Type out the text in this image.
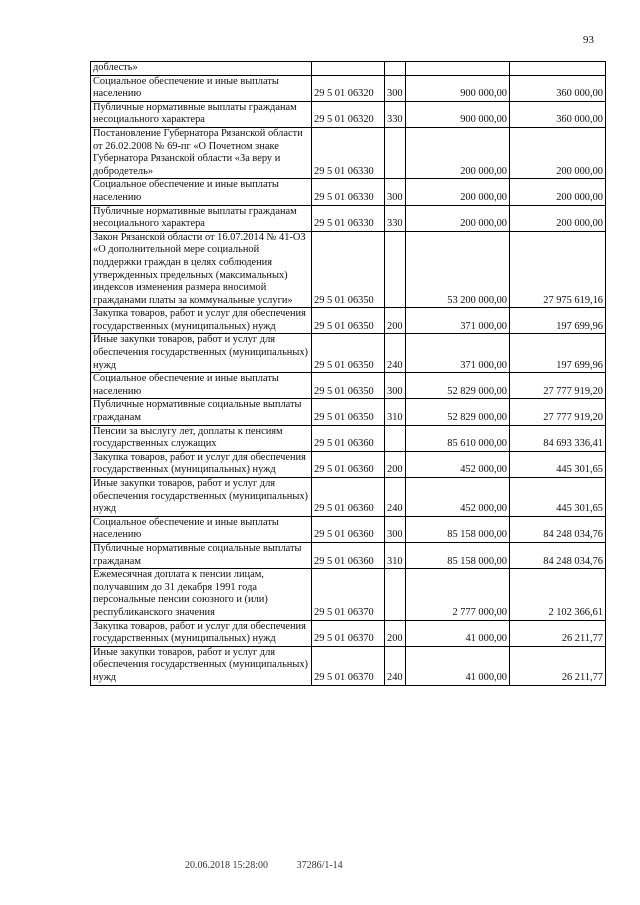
93
доблесть»				
Социальное обеспечение и иные выплаты населению	29 5 01 06320	300	900 000,00	360 000,00
Публичные нормативные выплаты гражданам несоциального характера	29 5 01 06320	330	900 000,00	360 000,00
Постановление Губернатора Рязанской области от 26.02.2008 № 69-пг «О Почетном знаке Губернатора Рязанской области «За веру и добродетель»	29 5 01 06330		200 000,00	200 000,00
Социальное обеспечение и иные выплаты населению	29 5 01 06330	300	200 000,00	200 000,00
Публичные нормативные выплаты гражданам несоциального характера	29 5 01 06330	330	200 000,00	200 000,00
Закон Рязанской области от 16.07.2014 № 41-ОЗ «О дополнительной мере социальной поддержки граждан в целях соблюдения утвержденных предельных (максимальных) индексов изменения размера вносимой гражданами платы за коммунальные услуги»	29 5 01 06350		53 200 000,00	27 975 619,16
Закупка товаров, работ и услуг для обеспечения государственных (муниципальных) нужд	29 5 01 06350	200	371 000,00	197 699,96
Иные закупки товаров, работ и услуг для обеспечения государственных (муниципальных) нужд	29 5 01 06350	240	371 000,00	197 699,96
Социальное обеспечение и иные выплаты населению	29 5 01 06350	300	52 829 000,00	27 777 919,20
Публичные нормативные социальные выплаты гражданам	29 5 01 06350	310	52 829 000,00	27 777 919,20
Пенсии за выслугу лет, доплаты к пенсиям государственных служащих	29 5 01 06360		85 610 000,00	84 693 336,41
Закупка товаров, работ и услуг для обеспечения государственных (муниципальных) нужд	29 5 01 06360	200	452 000,00	445 301,65
Иные закупки товаров, работ и услуг для обеспечения государственных (муниципальных) нужд	29 5 01 06360	240	452 000,00	445 301,65
Социальное обеспечение и иные выплаты населению	29 5 01 06360	300	85 158 000,00	84 248 034,76
Публичные нормативные социальные выплаты гражданам	29 5 01 06360	310	85 158 000,00	84 248 034,76
Ежемесячная доплата к пенсии лицам, получавшим до 31 декабря 1991 года персональные пенсии союзного и (или) республиканского значения	29 5 01 06370		2 777 000,00	2 102 366,61
Закупка товаров, работ и услуг для обеспечения государственных (муниципальных) нужд	29 5 01 06370	200	41 000,00	26 211,77
Иные закупки товаров, работ и услуг для обеспечения государственных (муниципальных) нужд	29 5 01 06370	240	41 000,00	26 211,77
20.06.2018 15:28:00	37286/1-14
